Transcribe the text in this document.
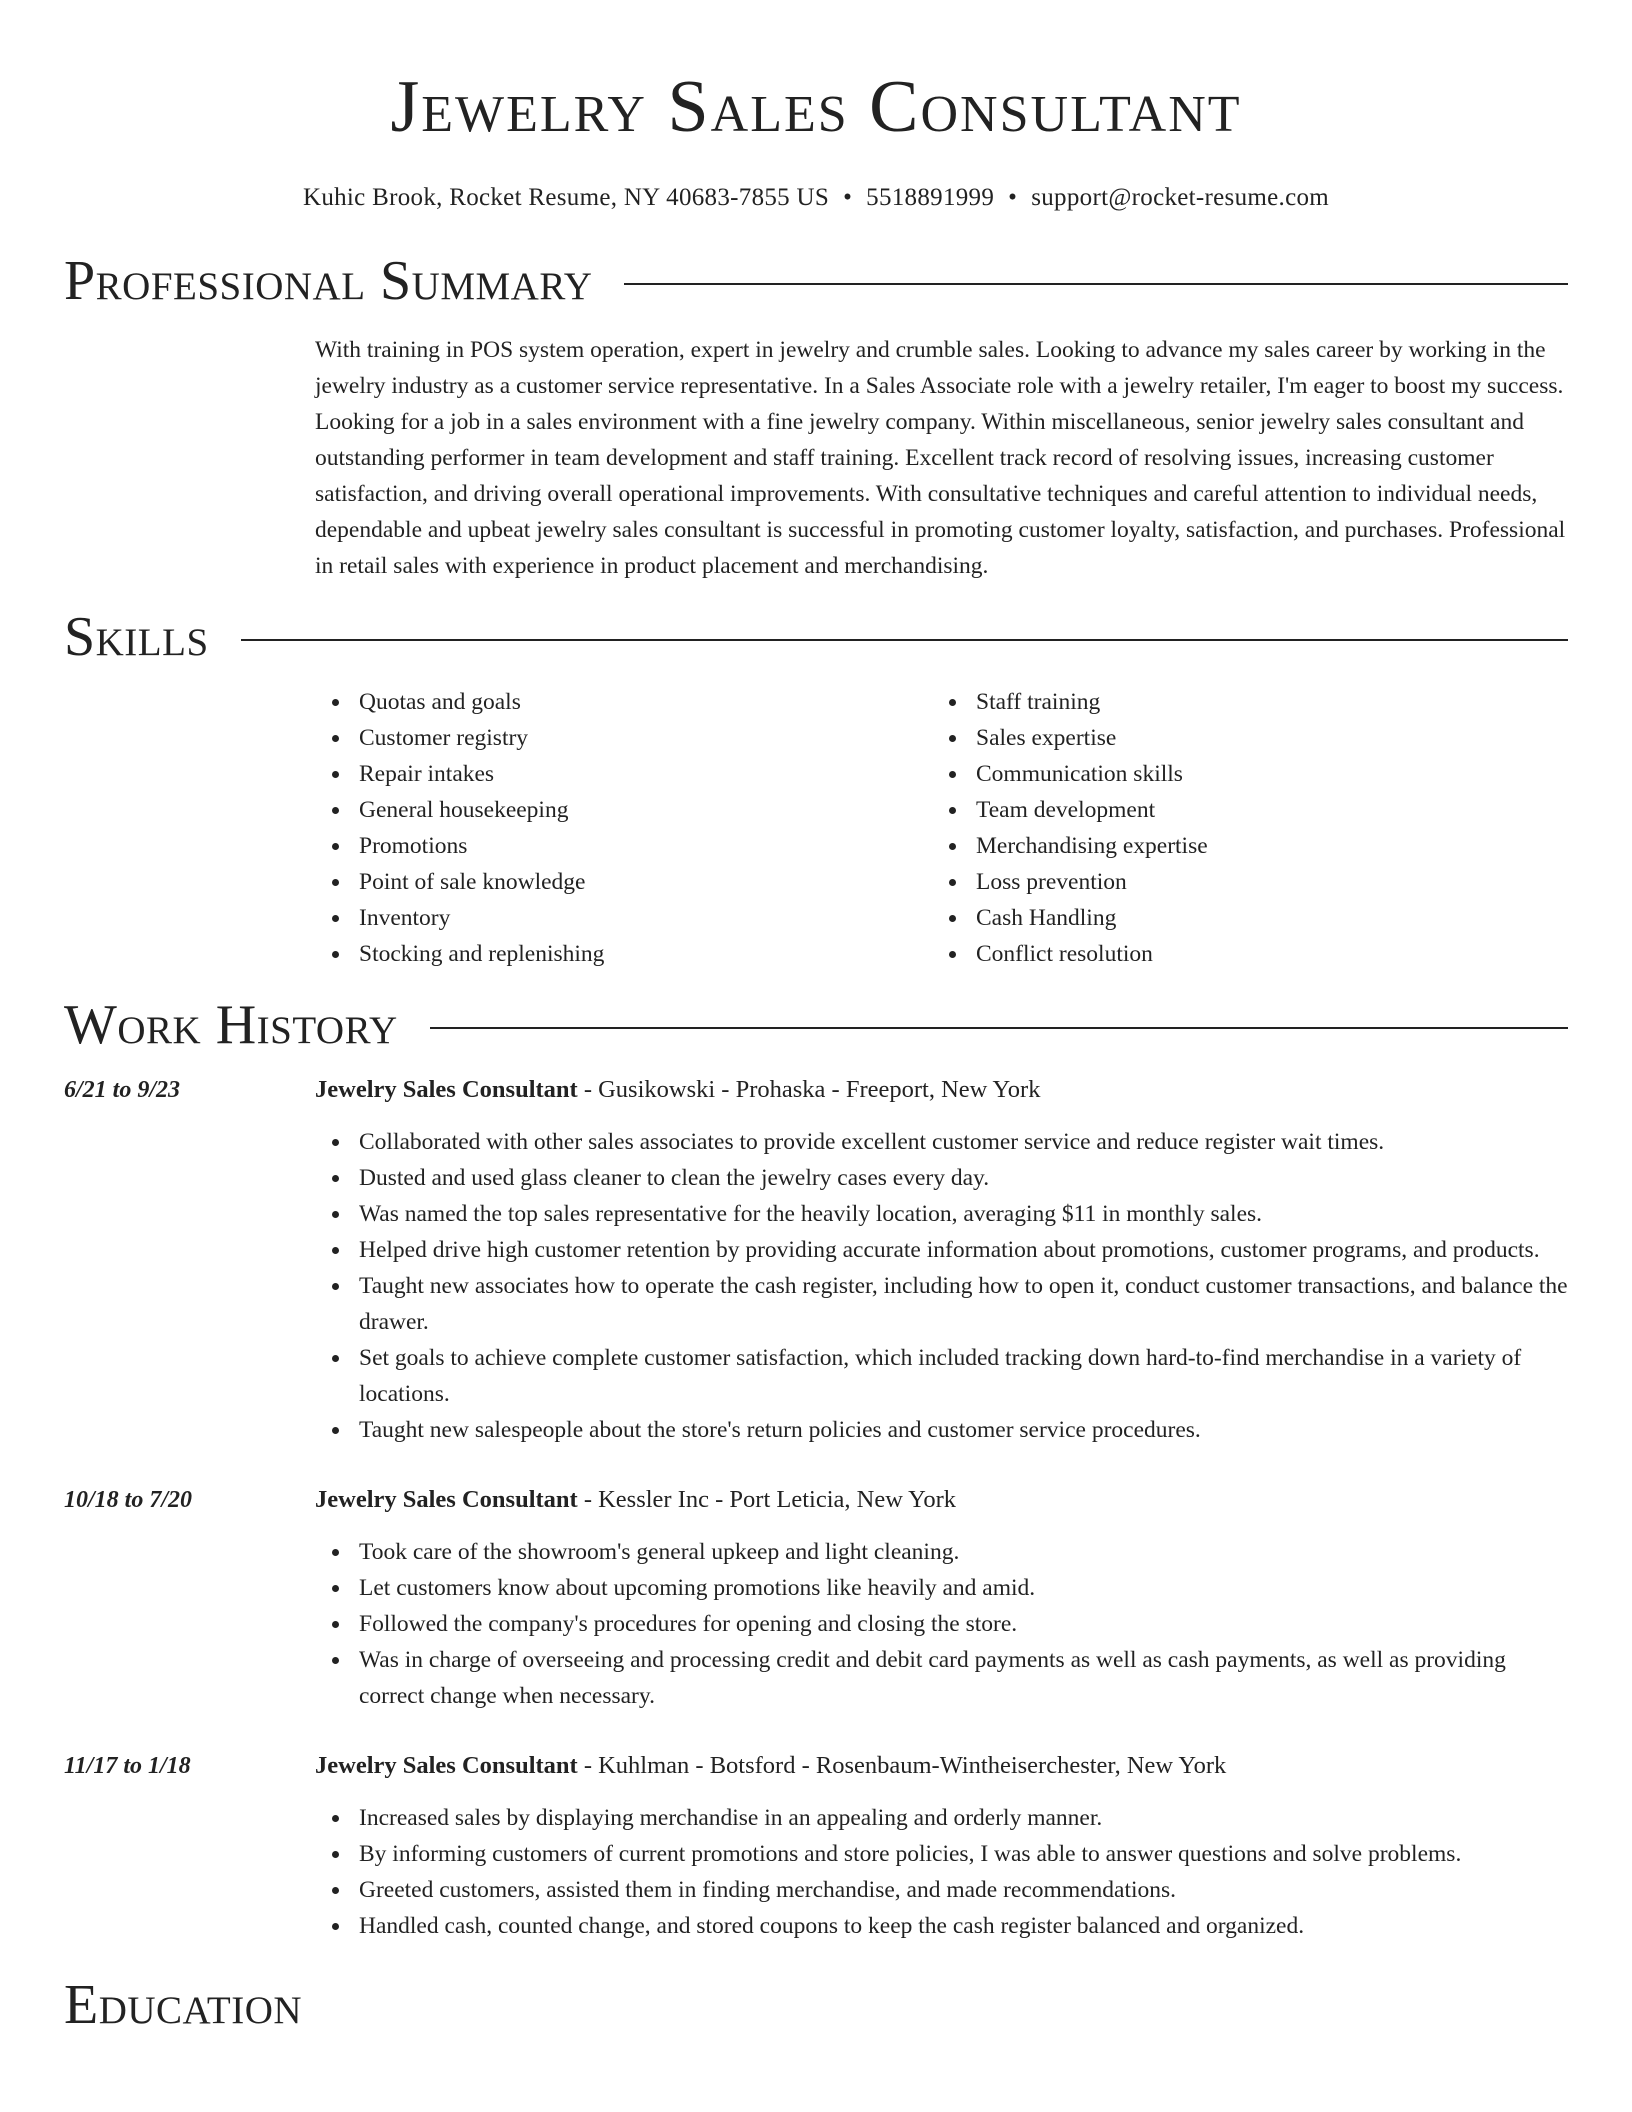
Jewelry Sales Consultant
Kuhic Brook, Rocket Resume, NY 40683-7855 US • 5518891999 • support@rocket-resume.com
Professional Summary

With training in POS system operation, expert in jewelry and crumble sales. Looking to advance my sales career by working in the jewelry industry as a customer service representative. In a Sales Associate role with a jewelry retailer, I'm eager to boost my success. Looking for a job in a sales environment with a fine jewelry company. Within miscellaneous, senior jewelry sales consultant and outstanding performer in team development and staff training. Excellent track record of resolving issues, increasing customer satisfaction, and driving overall operational improvements. With consultative techniques and careful attention to individual needs, dependable and upbeat jewelry sales consultant is successful in promoting customer loyalty, satisfaction, and purchases. Professional in retail sales with experience in product placement and merchandising.

Skills
Quotas and goals
Customer registry
Repair intakes
General housekeeping
Promotions
Point of sale knowledge
Inventory
Stocking and replenishing
Staff training
Sales expertise
Communication skills
Team development
Merchandising expertise
Loss prevention
Cash Handling
Conflict resolution
Work History
6/21 to 9/23	Jewelry Sales Consultant - Gusikowski - Prohaska - Freeport, New York
Collaborated with other sales associates to provide excellent customer service and reduce register wait times.
Dusted and used glass cleaner to clean the jewelry cases every day.
Was named the top sales representative for the heavily location, averaging $11 in monthly sales.
Helped drive high customer retention by providing accurate information about promotions, customer programs, and products.
Taught new associates how to operate the cash register, including how to open it, conduct customer transactions, and balance the drawer.
Set goals to achieve complete customer satisfaction, which included tracking down hard-to-find merchandise in a variety of locations.
Taught new salespeople about the store's return policies and customer service procedures.
10/18 to 7/20	Jewelry Sales Consultant - Kessler Inc - Port Leticia, New York
Took care of the showroom's general upkeep and light cleaning.
Let customers know about upcoming promotions like heavily and amid.
Followed the company's procedures for opening and closing the store.
Was in charge of overseeing and processing credit and debit card payments as well as cash payments, as well as providing correct change when necessary.
11/17 to 1/18	Jewelry Sales Consultant - Kuhlman - Botsford - Rosenbaum-Wintheiserchester, New York
Increased sales by displaying merchandise in an appealing and orderly manner.
By informing customers of current promotions and store policies, I was able to answer questions and solve problems.
Greeted customers, assisted them in finding merchandise, and made recommendations.
Handled cash, counted change, and stored coupons to keep the cash register balanced and organized.
Education
